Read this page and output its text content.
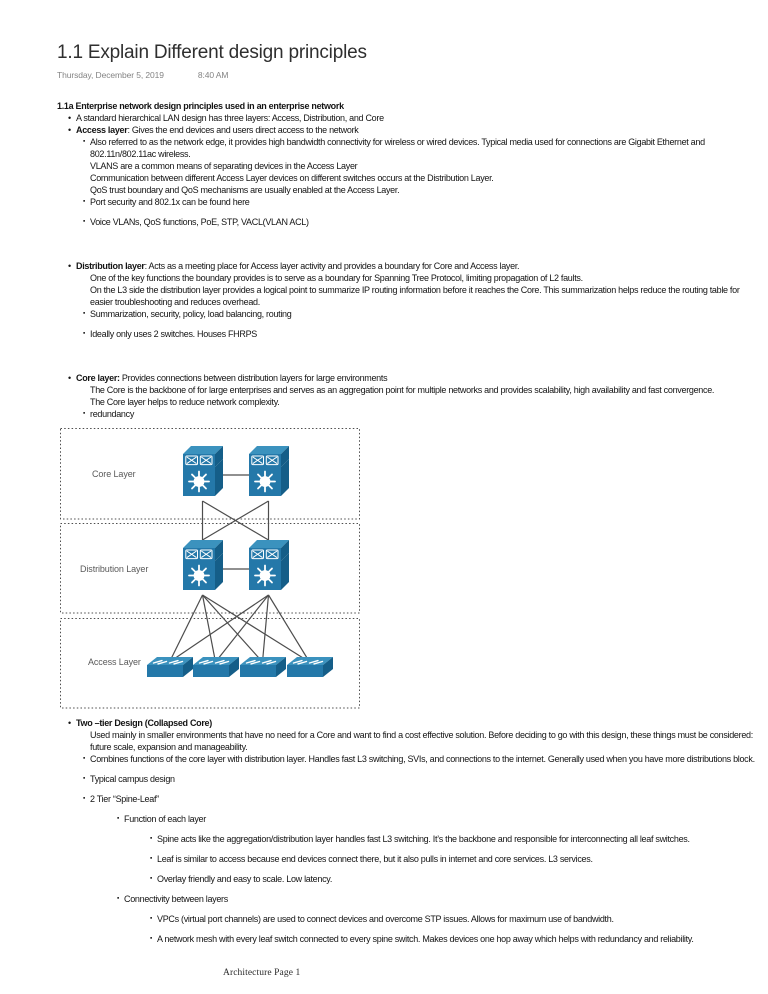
1.1 Explain Different design principles
Thursday, December 5, 2019	8:40 AM
1.1a Enterprise network design principles used in an enterprise network
• A standard hierarchical LAN design has three layers: Access, Distribution, and Core
• Access layer: Gives the end devices and users direct access to the network
▪ Also referred to as the network edge, it provides high bandwidth connectivity for wireless or wired devices. Typical media used for connections are Gigabit Ethernet and 802.11n/802.11ac wireless.
VLANS are a common means of separating devices in the Access Layer
Communication between different Access Layer devices on different switches occurs at the Distribution Layer.
QoS trust boundary and QoS mechanisms are usually enabled at the Access Layer.
▪ Port security and 802.1x can be found here
▪ Voice VLANs, QoS functions, PoE, STP, VACL(VLAN ACL)
• Distribution layer: Acts as a meeting place for Access layer activity and provides a boundary for Core and Access layer.
One of the key functions the boundary provides is to serve as a boundary for Spanning Tree Protocol, limiting propagation of L2 faults.
On the L3 side the distribution layer provides a logical point to summarize IP routing information before it reaches the Core. This summarization helps reduce the routing table for easier troubleshooting and reduces overhead.
▪ Summarization, security, policy, load balancing, routing
▪ Ideally only uses 2 switches. Houses FHRPS
• Core layer: Provides connections between distribution layers for large environments
The Core is the backbone of for large enterprises and serves as an aggregation point for multiple networks and provides scalability, high availability and fast convergence.
The Core layer helps to reduce network complexity.
▪ redundancy
Core Layer
Distribution Layer
Access Layer
• Two –tier Design (Collapsed Core)
Used mainly in smaller environments that have no need for a Core and want to find a cost effective solution. Before deciding to go with this design, these things must be considered: future scale, expansion and manageability.
▪ Combines functions of the core layer with distribution layer. Handles fast L3 switching, SVIs, and connections to the internet. Generally used when you have more distributions block.
▪ Typical campus design
▪ 2 Tier “Spine-Leaf”
▪ Function of each layer
▪ Spine acts like the aggregation/distribution layer handles fast L3 switching. It’s the backbone and responsible for interconnecting all leaf switches.
▪ Leaf is similar to access because end devices connect there, but it also pulls in internet and core services. L3 services.
▪ Overlay friendly and easy to scale. Low latency.
▪ Connectivity between layers
▪ VPCs (virtual port channels) are used to connect devices and overcome STP issues. Allows for maximum use of bandwidth.
▪ A network mesh with every leaf switch connected to every spine switch. Makes devices one hop away which helps with redundancy and reliability.
Architecture Page 1
